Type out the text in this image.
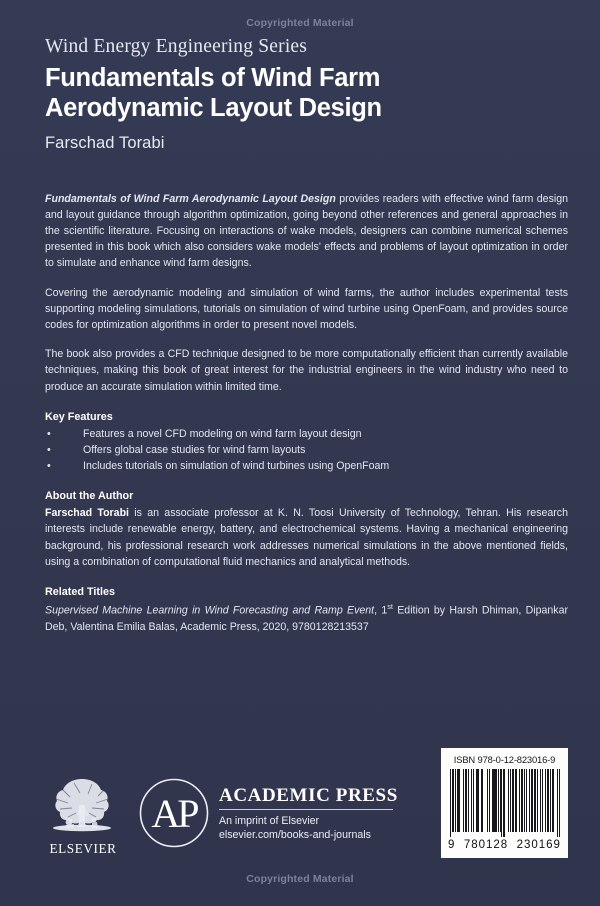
Copyrighted Material
Wind Energy Engineering Series
Fundamentals of Wind Farm
Aerodynamic Layout Design
Farschad Torabi

Fundamentals of Wind Farm Aerodynamic Layout Design provides readers with effective wind farm design and layout guidance through algorithm optimization, going beyond other references and general approaches in the scientific literature. Focusing on interactions of wake models, designers can combine numerical schemes presented in this book which also considers wake models' effects and problems of layout optimization in order to simulate and enhance wind farm designs.

Covering the aerodynamic modeling and simulation of wind farms, the author includes experimental tests supporting modeling simulations, tutorials on simulation of wind turbine using OpenFoam, and provides source codes for optimization algorithms in order to present novel models.

The book also provides a CFD technique designed to be more computationally efficient than currently available techniques, making this book of great interest for the industrial engineers in the wind industry who need to produce an accurate simulation within limited time.

Key Features
•	Features a novel CFD modeling on wind farm layout design
•	Offers global case studies for wind farm layouts
•	Includes tutorials on simulation of wind turbines using OpenFoam
About the Author

Farschad Torabi is an associate professor at K. N. Toosi University of Technology, Tehran. His research interests include renewable energy, battery, and electrochemical systems. Having a mechanical engineering background, his professional research work addresses numerical simulations in the above mentioned fields, using a combination of computational fluid mechanics and analytical methods.

Related Titles

Supervised Machine Learning in Wind Forecasting and Ramp Event, 1st Edition by Harsh Dhiman, Dipankar Deb, Valentina Emilia Balas, Academic Press, 2020, 9780128213537

ELSEVIER
AP ACADEMIC PRESS
An imprint of Elsevier
elsevier.com/books-and-journals
ISBN 978-0-12-823016-9
9  780128  230169
Copyrighted Material
